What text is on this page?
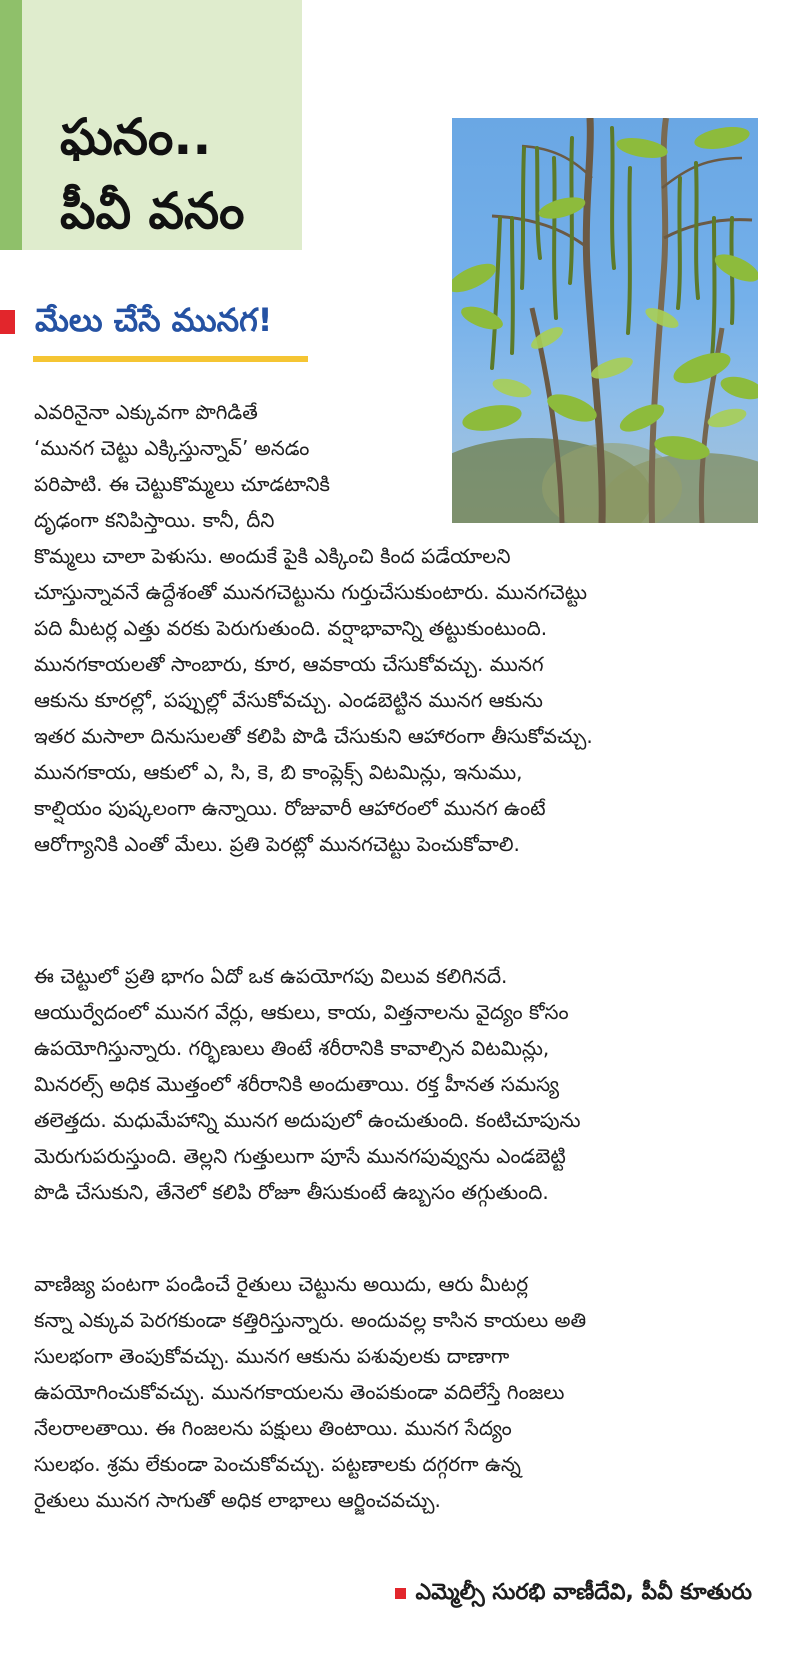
ఘనం..
పీవీ వనం
మేలు చేసే మునగ!

ఎవరినైనా ఎక్కువగా పొగిడితే
‘మునగ చెట్టు ఎక్కిస్తున్నావ్’ అనడం
పరిపాటి. ఈ చెట్టుకొమ్మలు చూడటానికి
దృఢంగా కనిపిస్తాయి. కానీ, దీని

కొమ్మలు చాలా పెళుసు. అందుకే పైకి ఎక్కించి కింద పడేయాలని
చూస్తున్నావనే ఉద్దేశంతో మునగచెట్టును గుర్తుచేసుకుంటారు. మునగచెట్టు
పది మీటర్ల ఎత్తు వరకు పెరుగుతుంది. వర్షాభావాన్ని తట్టుకుంటుంది.
మునగకాయలతో సాంబారు, కూర, ఆవకాయ చేసుకోవచ్చు. మునగ
ఆకును కూరల్లో, పప్పుల్లో వేసుకోవచ్చు. ఎండబెట్టిన మునగ ఆకును
ఇతర మసాలా దినుసులతో కలిపి పొడి చేసుకుని ఆహారంగా తీసుకోవచ్చు.
మునగకాయ, ఆకులో ఎ, సి, కె, బి కాంప్లెక్స్ విటమిన్లు, ఇనుము,
కాల్షియం పుష్కలంగా ఉన్నాయి. రోజువారీ ఆహారంలో మునగ ఉంటే
ఆరోగ్యానికి ఎంతో మేలు. ప్రతి పెరట్లో మునగచెట్టు పెంచుకోవాలి.

ఈ చెట్టులో ప్రతి భాగం ఏదో ఒక ఉపయోగపు విలువ కలిగినదే.
ఆయుర్వేదంలో మునగ వేర్లు, ఆకులు, కాయ, విత్తనాలను వైద్యం కోసం
ఉపయోగిస్తున్నారు. గర్భిణులు తింటే శరీరానికి కావాల్సిన విటమిన్లు,
మినరల్స్ అధిక మొత్తంలో శరీరానికి అందుతాయి. రక్త హీనత సమస్య
తలెత్తదు. మధుమేహాన్ని మునగ అదుపులో ఉంచుతుంది. కంటిచూపును
మెరుగుపరుస్తుంది. తెల్లని గుత్తులుగా పూసే మునగపువ్వును ఎండబెట్టి
పొడి చేసుకుని, తేనెలో కలిపి రోజూ తీసుకుంటే ఉబ్బసం తగ్గుతుంది.

వాణిజ్య పంటగా పండించే రైతులు చెట్టును అయిదు, ఆరు మీటర్ల
కన్నా ఎక్కువ పెరగకుండా కత్తిరిస్తున్నారు. అందువల్ల కాసిన కాయలు అతి
సులభంగా తెంపుకోవచ్చు. మునగ ఆకును పశువులకు దాణాగా
ఉపయోగించుకోవచ్చు. మునగకాయలను తెంపకుండా వదిలేస్తే గింజలు
నేలరాలతాయి. ఈ గింజలను పక్షులు తింటాయి. మునగ సేద్యం
సులభం. శ్రమ లేకుండా పెంచుకోవచ్చు. పట్టణాలకు దగ్గరగా ఉన్న
రైతులు మునగ సాగుతో అధిక లాభాలు ఆర్జించవచ్చు.

ఎమ్మెల్సీ సురభి వాణీదేవి, పీవీ కూతురు
